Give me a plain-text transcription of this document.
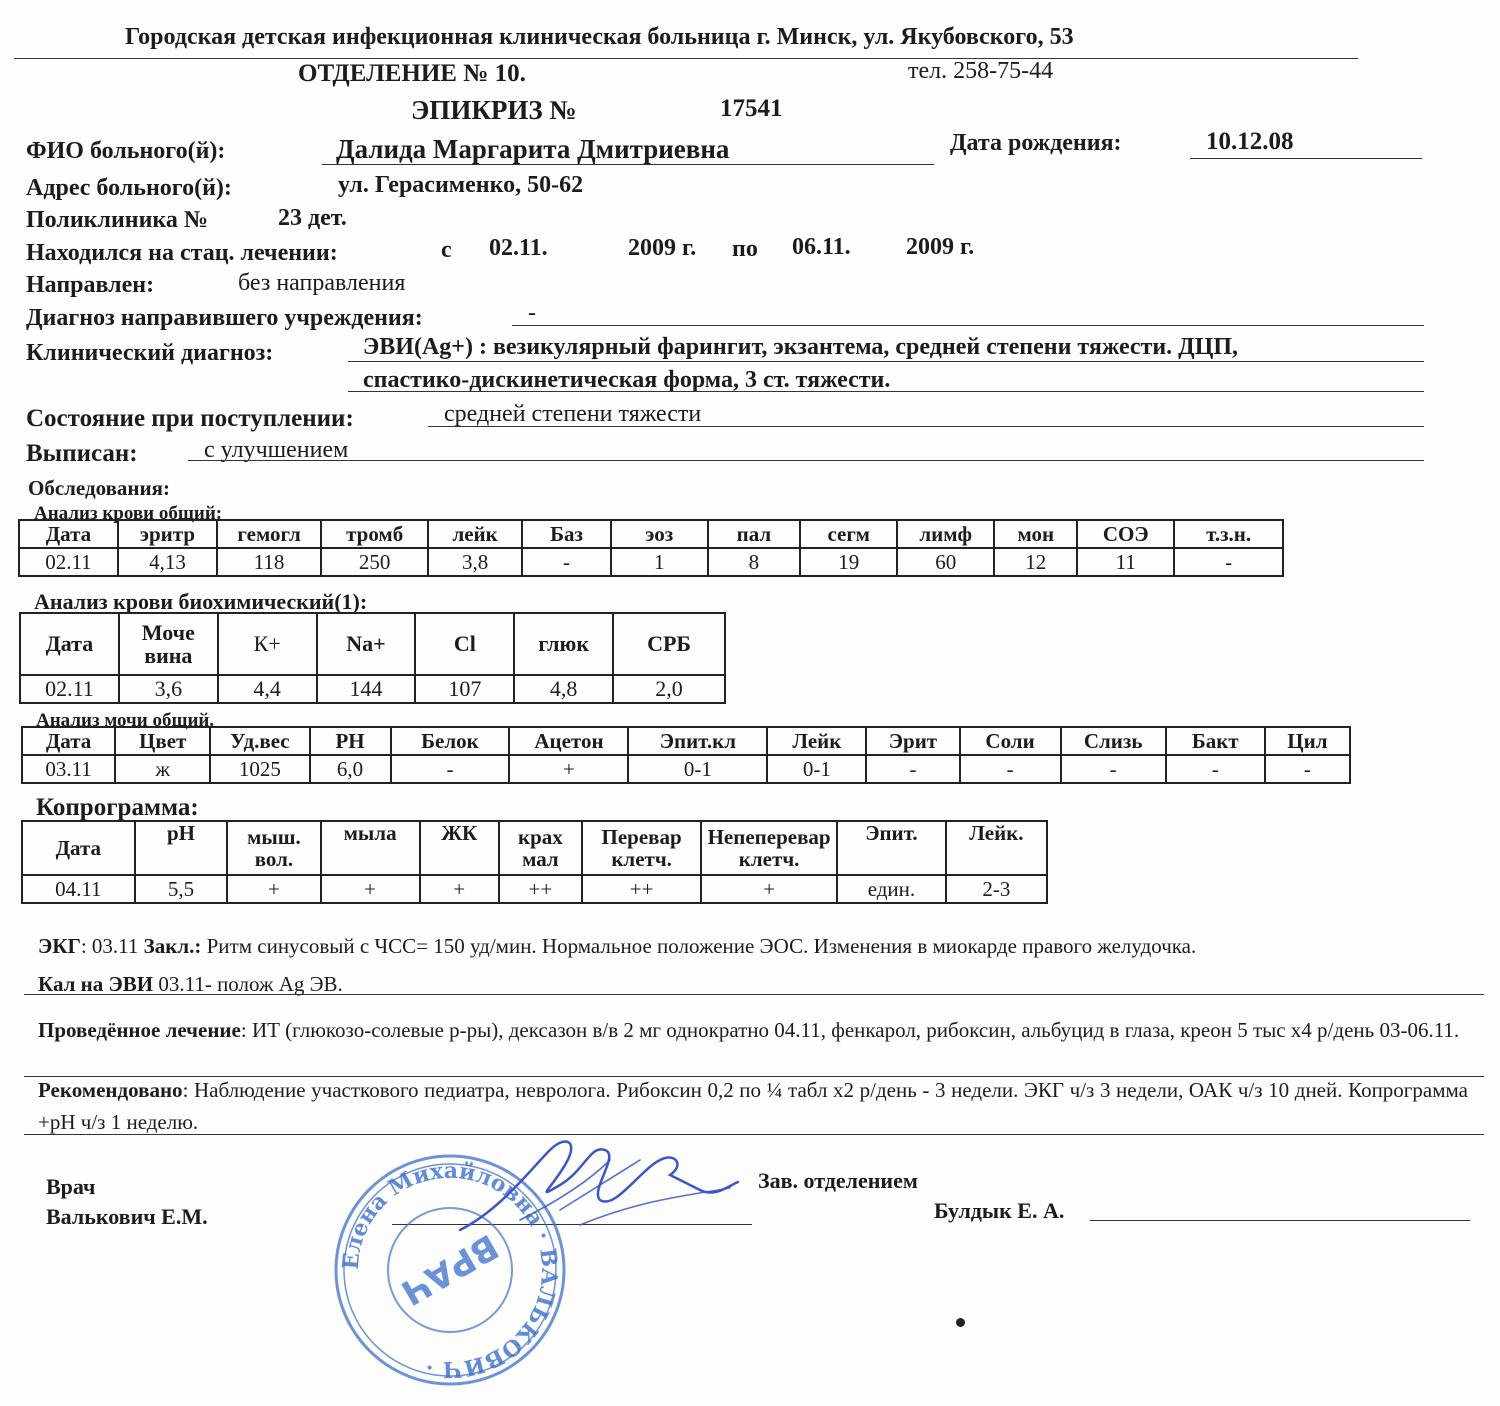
Городская детская инфекционная клиническая больница г. Минск, ул. Якубовского, 53
ОТДЕЛЕНИЕ № 10.	тел. 258-75-44
ЭПИКРИЗ №	17541
ФИО больного(й):	Далида Маргарита Дмитриевна	Дата рождения:	10.12.08
Адрес больного(й):	ул. Герасименко, 50-62
Поликлиника №	23 дет.
Находился на стац. лечении:	с 02.11.	2009 г. по 06.11. 2009 г.
Направлен:	без направления
Диагноз направившего учреждения:	-
Клинический диагноз:	ЭВИ(Ag+) : везикулярный фарингит, экзантема, средней степени тяжести. ДЦП,
спастико-дискинетическая форма, 3 ст. тяжести.
Состояние при поступлении:	средней степени тяжести
Выписан:	с улучшением
Обследования:
Анализ крови общий:
Дата	эритр	гемогл	тромб	лейк	Баз	эоз	пал	сегм	лимф	мон	СОЭ	т.з.н.
02.11	4,13	118	250	3,8	-	1	8	19	60	12	11	-
Анализ крови биохимический(1):
Дата	Моче вина	К+	Na+	Cl	глюк	СРБ
02.11	3,6	4,4	144	107	4,8	2,0
Анализ мочи общий.
Дата	Цвет	Уд.вес	PH	Белок	Ацетон	Эпит.кл	Лейк	Эрит	Соли	Слизь	Бакт	Цил
03.11	ж	1025	6,0	-	+	0-1	0-1	-	-	-	-	-
Копрограмма:
Дата	pH	мыш. вол.	мыла	ЖК	крах мал	Перевар клетч.	Непеперевар клетч.	Эпит.	Лейк.
04.11	5,5	+	+	+	++	++	+	един.	2-3
ЭКГ: 03.11 Закл.: Ритм синусовый с ЧСС= 150 уд/мин. Нормальное положение ЭОС. Изменения в миокарде правого желудочка.
Кал на ЭВИ 03.11- полож Ag ЭВ.
Проведённое лечение: ИТ (глюкозо-солевые р-ры), дексазон в/в 2 мг однократно 04.11, фенкарол, рибоксин, альбуцид в глаза, креон 5 тыс х4 р/день 03-06.11.
Рекомендовано: Наблюдение участкового педиатра, невролога. Рибоксин 0,2 по ¼ табл х2 р/день - 3 недели. ЭКГ ч/з 3 недели, ОАК ч/з 10 дней. Копрограмма +рН ч/з 1 неделю.
Врач
Валькович Е.М.
Зав. отделением
Булдык Е. А.
Елена Михайловна · ВАЛЬКОВИЧ ·
ВРАЧ
